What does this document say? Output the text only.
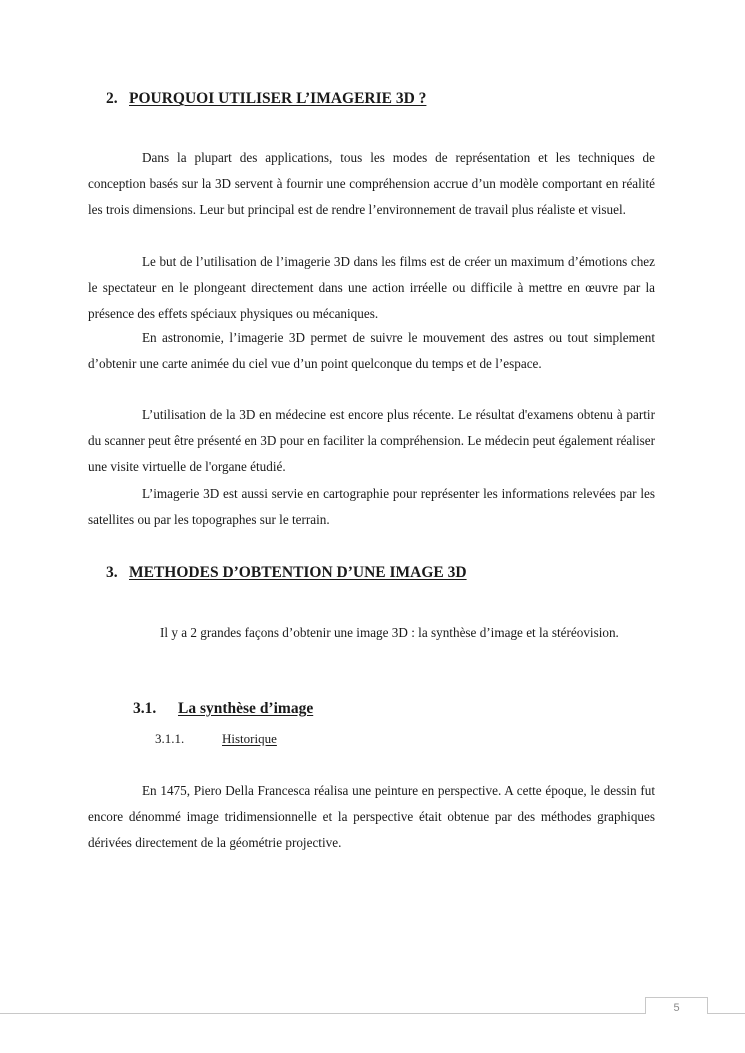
2. POURQUOI UTILISER L’IMAGERIE 3D ?
Dans la plupart des applications, tous les modes de représentation et les techniques de conception basés sur la 3D servent à fournir une compréhension accrue d’un modèle comportant en réalité les trois dimensions. Leur but principal est de rendre l’environnement de travail plus réaliste et visuel.
Le but de l’utilisation de l’imagerie 3D dans les films est de créer un maximum d’émotions chez le spectateur en le plongeant directement dans une action irréelle ou difficile à mettre en œuvre par la présence des effets spéciaux physiques ou mécaniques.
En astronomie, l’imagerie 3D permet de suivre le mouvement des astres ou tout simplement d’obtenir une carte animée du ciel vue d’un point quelconque du temps et de l’espace.
L’utilisation de la 3D en médecine est encore plus récente. Le résultat d'examens obtenu à partir du scanner peut être présenté en 3D pour en faciliter la compréhension. Le médecin peut également réaliser une visite virtuelle de l'organe étudié.
L’imagerie 3D est aussi servie en cartographie pour représenter les informations relevées par les satellites ou par les topographes sur le terrain.
3. METHODES D’OBTENTION D’UNE IMAGE 3D
Il y a 2 grandes façons d’obtenir une image 3D : la synthèse d’image et la stéréovision.
3.1. La synthèse d’image
3.1.1.	Historique
En 1475, Piero Della Francesca réalisa une peinture en perspective. A cette époque, le dessin fut encore dénommé image tridimensionnelle et la perspective était obtenue par des méthodes graphiques dérivées directement de la géométrie projective.
5
